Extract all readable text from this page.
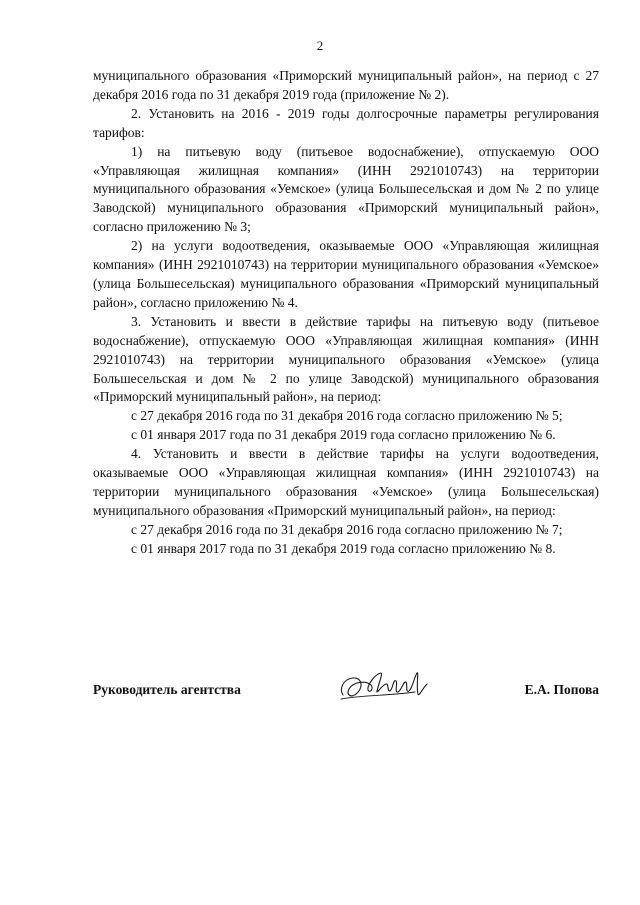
2

муниципального образования «Приморский муниципальный район», на период с 27 декабря 2016 года по 31 декабря 2019 года (приложение № 2).

2. Установить на 2016 - 2019 годы долгосрочные параметры регулирования тарифов:

1) на питьевую воду (питьевое водоснабжение), отпускаемую ООО «Управляющая жилищная компания» (ИНН 2921010743) на территории муниципального образования «Уемское» (улица Большесельская и дом № 2 по улице Заводской) муниципального образования «Приморский муниципальный район», согласно приложению № 3;

2) на услуги водоотведения, оказываемые ООО «Управляющая жилищная компания» (ИНН 2921010743) на территории муниципального образования «Уемское» (улица Большесельская) муниципального образования «Приморский муниципальный район», согласно приложению № 4.

3. Установить и ввести в действие тарифы на питьевую воду (питьевое водоснабжение), отпускаемую ООО «Управляющая жилищная компания» (ИНН 2921010743) на территории муниципального образования «Уемское» (улица Большесельская и дом № 2 по улице Заводской) муниципального образования «Приморский муниципальный район», на период:

с 27 декабря 2016 года по 31 декабря 2016 года согласно приложению № 5;

с 01 января 2017 года по 31 декабря 2019 года согласно приложению № 6.

4. Установить и ввести в действие тарифы на услуги водоотведения, оказываемые ООО «Управляющая жилищная компания» (ИНН 2921010743) на территории муниципального образования «Уемское» (улица Большесельская) муниципального образования «Приморский муниципальный район», на период:

с 27 декабря 2016 года по 31 декабря 2016 года согласно приложению № 7;

с 01 января 2017 года по 31 декабря 2019 года согласно приложению № 8.

Руководитель агентства	Е.А. Попова
